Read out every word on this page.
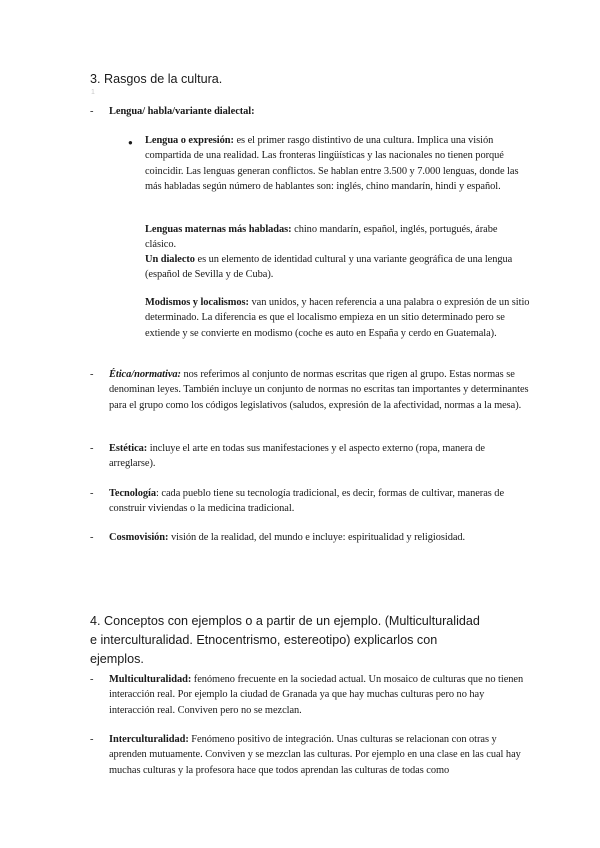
3. Rasgos de la cultura.
1
- Lengua/ habla/variante dialectal:
● Lengua o expresión: es el primer rasgo distintivo de una cultura. Implica una visión compartida de una realidad. Las fronteras lingüísticas y las nacionales no tienen porqué coincidir. Las lenguas generan conflictos. Se hablan entre 3.500 y 7.000 lenguas, donde las más habladas según número de hablantes son: inglés, chino mandarín, hindi y español.
Lenguas maternas más habladas: chino mandarín, español, inglés, portugués, árabe clásico.
Un dialecto es un elemento de identidad cultural y una variante geográfica de una lengua (español de Sevilla y de Cuba).
Modismos y localismos: van unidos, y hacen referencia a una palabra o expresión de un sitio determinado. La diferencia es que el localismo empieza en un sitio determinado pero se extiende y se convierte en modismo (coche es auto en España y cerdo en Guatemala).
- Ética/normativa: nos referimos al conjunto de normas escritas que rigen al grupo. Estas normas se denominan leyes. También incluye un conjunto de normas no escritas tan importantes y determinantes para el grupo como los códigos legislativos (saludos, expresión de la afectividad, normas a la mesa).
- Estética: incluye el arte en todas sus manifestaciones y el aspecto externo (ropa, manera de arreglarse).
- Tecnología: cada pueblo tiene su tecnología tradicional, es decir, formas de cultivar, maneras de construir viviendas o la medicina tradicional.
- Cosmovisión: visión de la realidad, del mundo e incluye: espiritualidad y religiosidad.
4. Conceptos con ejemplos o a partir de un ejemplo. (Multiculturalidad e interculturalidad. Etnocentrismo, estereotipo) explicarlos con ejemplos.
- Multiculturalidad: fenómeno frecuente en la sociedad actual. Un mosaico de culturas que no tienen interacción real. Por ejemplo la ciudad de Granada ya que hay muchas culturas pero no hay interacción real. Conviven pero no se mezclan.
- Interculturalidad: Fenómeno positivo de integración. Unas culturas se relacionan con otras y aprenden mutuamente. Conviven y se mezclan las culturas. Por ejemplo en una clase en las cual hay muchas culturas y la profesora hace que todos aprendan las culturas de todas como
